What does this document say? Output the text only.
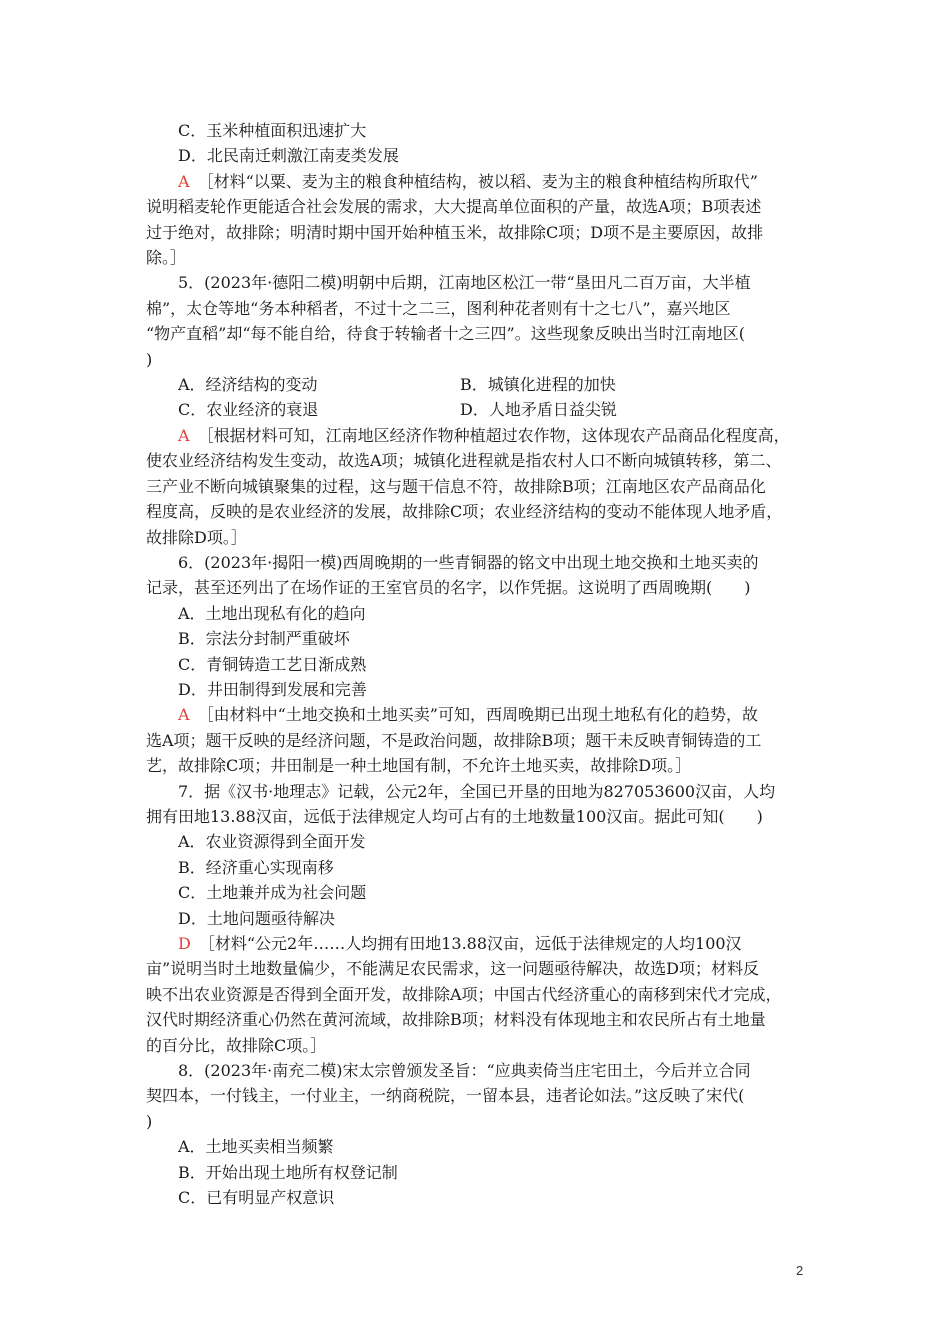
C．玉米种植面积迅速扩大
D．北民南迁刺激江南麦类发展
A　 ［材料“以粟、麦为主的粮食种植结构，被以稻、麦为主的粮食种植结构所取代”
说明稻麦轮作更能适合社会发展的需求，大大提高单位面积的产量，故选A项；B项表述
过于绝对，故排除；明清时期中国开始种植玉米，故排除C项；D项不是主要原因，故排
除。］
5．(2023年·德阳二模)明朝中后期，江南地区松江一带“垦田凡二百万亩，大半植
棉”，太仓等地“务本种稻者，不过十之二三，图利种花者则有十之七八”，嘉兴地区
“物产直稻”却“每不能自给，待食于转输者十之三四”。这些现象反映出当时江南地区(
)
A．经济结构的变动	B．城镇化进程的加快
C．农业经济的衰退	D．人地矛盾日益尖锐
A　 ［根据材料可知，江南地区经济作物种植超过农作物，这体现农产品商品化程度高，
使农业经济结构发生变动，故选A项；城镇化进程就是指农村人口不断向城镇转移，第二、
三产业不断向城镇聚集的过程，这与题干信息不符，故排除B项；江南地区农产品商品化
程度高，反映的是农业经济的发展，故排除C项；农业经济结构的变动不能体现人地矛盾，
故排除D项。］
6．(2023年·揭阳一模)西周晚期的一些青铜器的铭文中出现土地交换和土地买卖的
记录，甚至还列出了在场作证的王室官员的名字，以作凭据。这说明了西周晚期(　　)
A．土地出现私有化的趋向
B．宗法分封制严重破坏
C．青铜铸造工艺日渐成熟
D．井田制得到发展和完善
A　 ［由材料中“土地交换和土地买卖”可知，西周晚期已出现土地私有化的趋势，故
选A项；题干反映的是经济问题，不是政治问题，故排除B项；题干未反映青铜铸造的工
艺，故排除C项；井田制是一种土地国有制，不允许土地买卖，故排除D项。］
7．据《汉书·地理志》记载，公元2年，全国已开垦的田地为827053600汉亩，人均
拥有田地13.88汉亩，远低于法律规定人均可占有的土地数量100汉亩。据此可知(　　)
A．农业资源得到全面开发
B．经济重心实现南移
C．土地兼并成为社会问题
D．土地问题亟待解决
D　 ［材料“公元2年……人均拥有田地13.88汉亩，远低于法律规定的人均100汉
亩”说明当时土地数量偏少，不能满足农民需求，这一问题亟待解决，故选D项；材料反
映不出农业资源是否得到全面开发，故排除A项；中国古代经济重心的南移到宋代才完成，
汉代时期经济重心仍然在黄河流域，故排除B项；材料没有体现地主和农民所占有土地量
的百分比，故排除C项。］
8．(2023年·南充二模)宋太宗曾颁发圣旨：“应典卖倚当庄宅田土，今后并立合同
契四本，一付钱主，一付业主，一纳商税院，一留本县，违者论如法。”这反映了宋代(
)
A．土地买卖相当频繁
B．开始出现土地所有权登记制
C．已有明显产权意识
2
